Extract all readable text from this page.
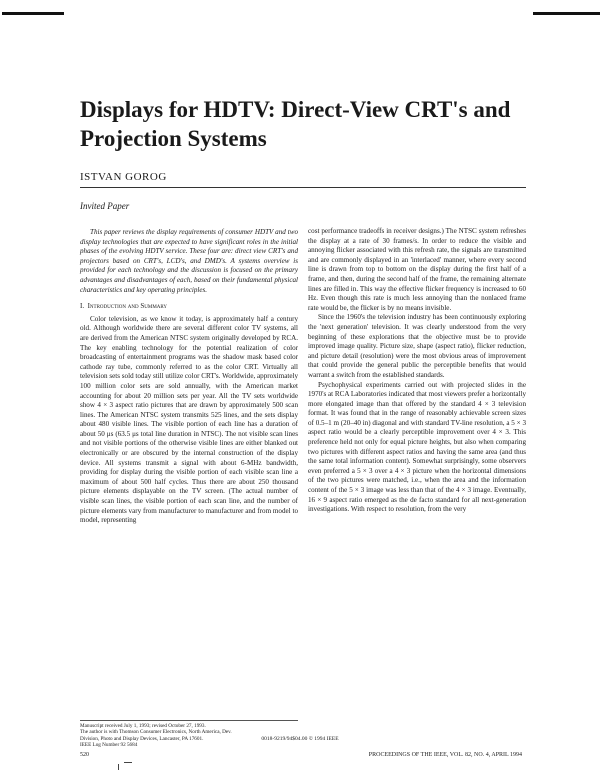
Displays for HDTV: Direct-View CRT's and Projection Systems
ISTVAN GOROG
Invited Paper

This paper reviews the display requirements of consumer HDTV and two display technologies that are expected to have significant roles in the initial phases of the evolving HDTV service. These four are: direct view CRT's and projectors based on CRT's, LCD's, and DMD's. A systems overview is provided for each technology and the discussion is focused on the primary advantages and disadvantages of each, based on their fundamental physical characteristics and key operating principles.

I. Introduction and Summary

Color television, as we know it today, is approximately half a century old. Although worldwide there are several different color TV systems, all are derived from the American NTSC system originally developed by RCA. The key enabling technology for the potential realization of color broadcasting of entertainment programs was the shadow mask based color cathode ray tube, commonly referred to as the color CRT. Virtually all television sets sold today still utilize color CRT's. Worldwide, approximately 100 million color sets are sold annually, with the American market accounting for about 20 million sets per year. All the TV sets worldwide show 4 × 3 aspect ratio pictures that are drawn by approximately 500 scan lines. The American NTSC system transmits 525 lines, and the sets display about 480 visible lines. The visible portion of each line has a duration of about 50 μs (63.5 μs total line duration in NTSC). The not visible scan lines and not visible portions of the otherwise visible lines are either blanked out electronically or are obscured by the internal construction of the display device. All systems transmit a signal with about 6-MHz bandwidth, providing for display during the visible portion of each visible scan line a maximum of about 500 half cycles. Thus there are about 250 thousand picture elements displayable on the TV screen. (The actual number of visible scan lines, the visible portion of each scan line, and the number of picture elements vary from manufacturer to manufacturer and from model to model, representing

cost performance tradeoffs in receiver designs.) The NTSC system refreshes the display at a rate of 30 frames/s. In order to reduce the visible and annoying flicker associated with this refresh rate, the signals are transmitted and are commonly displayed in an 'interlaced' manner, where every second line is drawn from top to bottom on the display during the first half of a frame, and then, during the second half of the frame, the remaining alternate lines are filled in. This way the effective flicker frequency is increased to 60 Hz. Even though this rate is much less annoying than the nonlaced frame rate would be, the flicker is by no means invisible.

Since the 1960's the television industry has been continuously exploring the 'next generation' television. It was clearly understood from the very beginning of these explorations that the objective must be to provide improved image quality. Picture size, shape (aspect ratio), flicker reduction, and picture detail (resolution) were the most obvious areas of improvement that could provide the general public the perceptible benefits that would warrant a switch from the established standards.

Psychophysical experiments carried out with projected slides in the 1970's at RCA Laboratories indicated that most viewers prefer a horizontally more elongated image than that offered by the standard 4 × 3 television format. It was found that in the range of reasonably achievable screen sizes of 0.5–1 m (20–40 in) diagonal and with standard TV-line resolution, a 5 × 3 aspect ratio would be a clearly perceptible improvement over 4 × 3. This preference held not only for equal picture heights, but also when comparing two pictures with different aspect ratios and having the same area (and thus the same total information content). Somewhat surprisingly, some observers even preferred a 5 × 3 over a 4 × 3 picture when the horizontal dimensions of the two pictures were matched, i.e., when the area and the information content of the 5 × 3 image was less than that of the 4 × 3 image. Eventually, 16 × 9 aspect ratio emerged as the de facto standard for all next-generation investigations. With respect to resolution, from the very

Manuscript received July 1, 1993; revised October 27, 1993.
The author is with Thomson Consumer Electronics, North America, Dev.
Division, Photo and Display Devices, Lancaster, PA 17601.
IEEE Log Number 92 5684
0018-9219/94$04.00 © 1994 IEEE
520	PROCEEDINGS OF THE IEEE, VOL. 82, NO. 4, APRIL 1994
